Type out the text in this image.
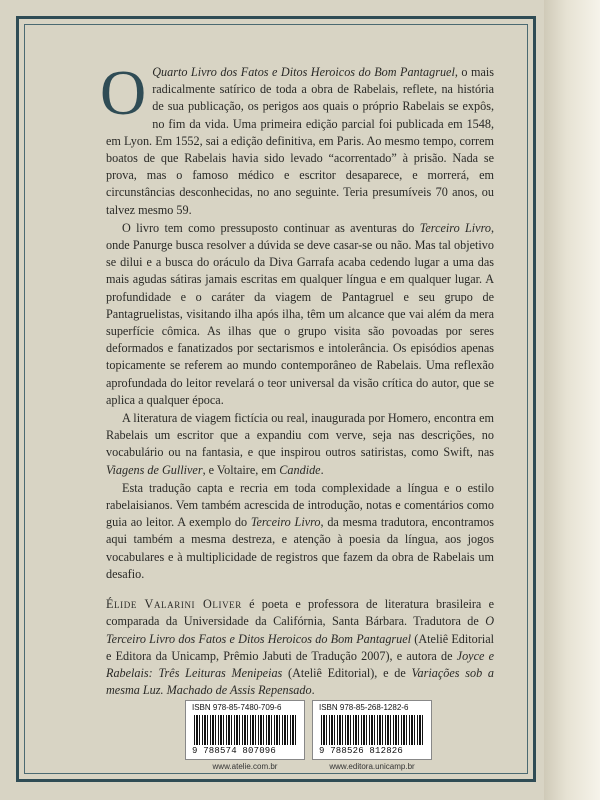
O Quarto Livro dos Fatos e Ditos Heroicos do Bom Pantagruel, o mais radicalmente satírico de toda a obra de Rabelais, reflete, na história de sua publicação, os perigos aos quais o próprio Rabelais se expôs, no fim da vida. Uma primeira edição parcial foi publicada em 1548, em Lyon. Em 1552, sai a edição definitiva, em Paris. Ao mesmo tempo, correm boatos de que Rabelais havia sido levado “acorrentado” à prisão. Nada se prova, mas o famoso médico e escritor desaparece, e morrerá, em circunstâncias desconhecidas, no ano seguinte. Teria presumíveis 70 anos, ou talvez mesmo 59.

O livro tem como pressuposto continuar as aventuras do Terceiro Livro, onde Panurge busca resolver a dúvida se deve casar-se ou não. Mas tal objetivo se dilui e a busca do oráculo da Diva Garrafa acaba cedendo lugar a uma das mais agudas sátiras jamais escritas em qualquer língua e em qualquer lugar. A profundidade e o caráter da viagem de Pantagruel e seu grupo de Pantagruelistas, visitando ilha após ilha, têm um alcance que vai além da mera superfície cômica. As ilhas que o grupo visita são povoadas por seres deformados e fanatizados por sectarismos e intolerância. Os episódios apenas topicamente se referem ao mundo contemporâneo de Rabelais. Uma reflexão aprofundada do leitor revelará o teor universal da visão crítica do autor, que se aplica a qualquer época.

A literatura de viagem fictícia ou real, inaugurada por Homero, encontra em Rabelais um escritor que a expandiu com verve, seja nas descrições, no vocabulário ou na fantasia, e que inspirou outros satiristas, como Swift, nas Viagens de Gulliver, e Voltaire, em Candide.

Esta tradução capta e recria em toda complexidade a língua e o estilo rabelaisianos. Vem também acrescida de introdução, notas e comentários como guia ao leitor. A exemplo do Terceiro Livro, da mesma tradutora, encontramos aqui também a mesma destreza, e atenção à poesia da língua, aos jogos vocabulares e à multiplicidade de registros que fazem da obra de Rabelais um desafio.

Élide Valarini Oliver é poeta e professora de literatura brasileira e comparada da Universidade da Califórnia, Santa Bárbara. Tradutora de O Terceiro Livro dos Fatos e Ditos Heroicos do Bom Pantagruel (Ateliê Editorial e Editora da Unicamp, Prêmio Jabuti de Tradução 2007), e autora de Joyce e Rabelais: Três Leituras Menipeias (Ateliê Editorial), e de Variações sob a mesma Luz. Machado de Assis Repensado.

ISBN 978-85-7480-709-6
9 788574 807096
www.atelie.com.br
ISBN 978-85-268-1282-6
9 788526 812826
www.editora.unicamp.br
